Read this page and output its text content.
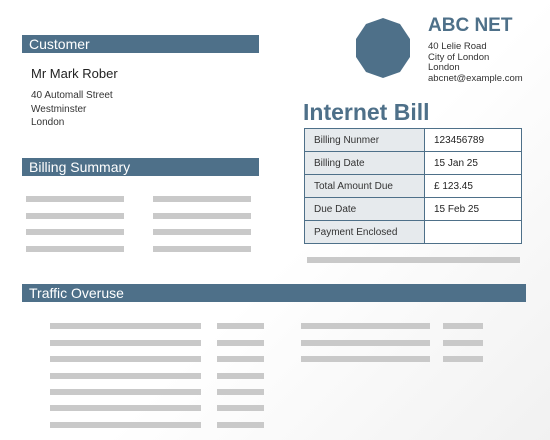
Customer
Mr Mark Rober
40 Automall Street
Westminster
London
ABC NET
40 Lelie Road
City of London
London
abcnet@example.com
Internet Bill
Billing Nunmer	123456789
Billing Date	15 Jan 25
Total Amount Due	£ 123.45
Due Date	15 Feb 25
Payment Enclosed	
Billing Summary
Traffic Overuse
